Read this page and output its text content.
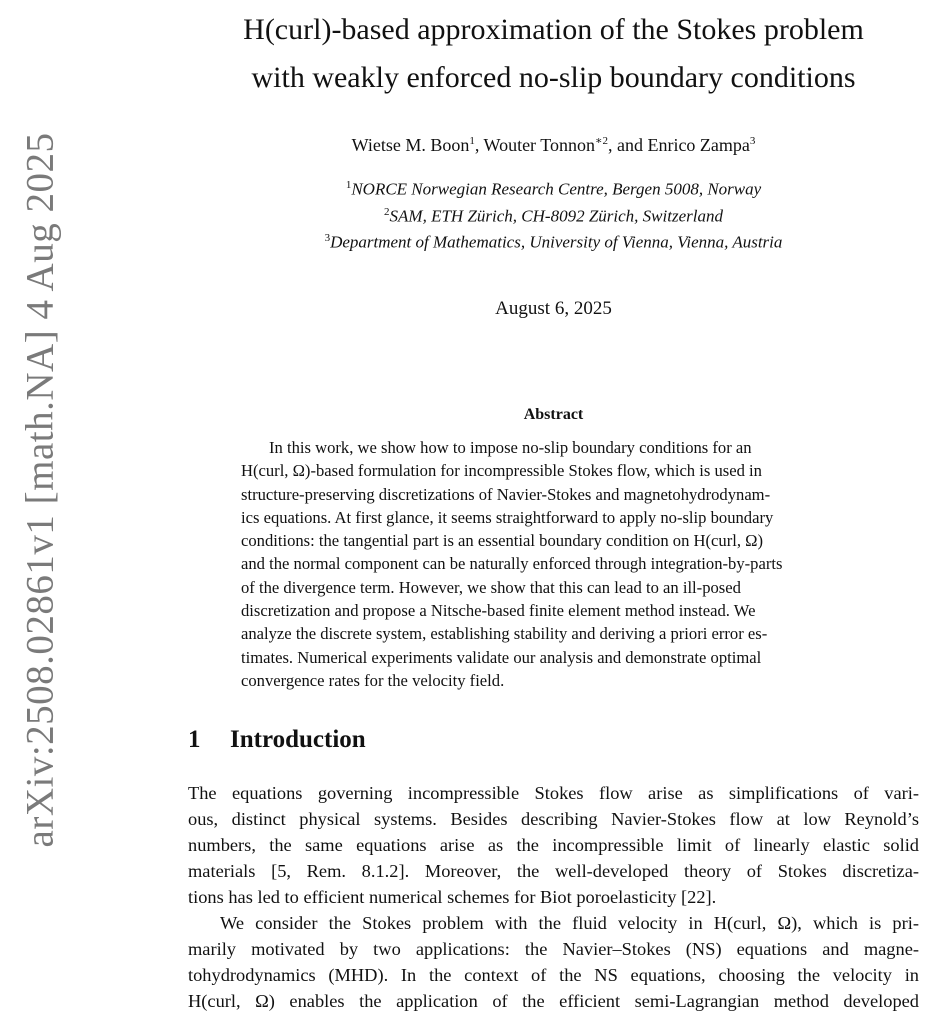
arXiv:2508.02861v1 [math.NA] 4 Aug 2025
H(curl)-based approximation of the Stokes problem
with weakly enforced no-slip boundary conditions
Wietse M. Boon$^1$, Wouter Tonnon$^{∗2}$, and Enrico Zampa$^3$
$^1$NORCE Norwegian Research Centre, Bergen 5008, Norway
$^2$SAM, ETH Zürich, CH-8092 Zürich, Switzerland
$^3$Department of Mathematics, University of Vienna, Vienna, Austria
August 6, 2025
Abstract
In this work, we show how to impose no-slip boundary conditions for an
H(curl, Ω)-based formulation for incompressible Stokes flow, which is used in
structure-preserving discretizations of Navier-Stokes and magnetohydrodynam-
ics equations. At first glance, it seems straightforward to apply no-slip boundary
conditions: the tangential part is an essential boundary condition on H(curl, Ω)
and the normal component can be naturally enforced through integration-by-parts
of the divergence term. However, we show that this can lead to an ill-posed
discretization and propose a Nitsche-based finite element method instead. We
analyze the discrete system, establishing stability and deriving a priori error es-
timates. Numerical experiments validate our analysis and demonstrate optimal
convergence rates for the velocity field.
1 Introduction
The equations governing incompressible Stokes flow arise as simplifications of vari-
ous, distinct physical systems. Besides describing Navier-Stokes flow at low Reynold’s
numbers, the same equations arise as the incompressible limit of linearly elastic solid
materials [5, Rem. 8.1.2]. Moreover, the well-developed theory of Stokes discretiza-
tions has led to efficient numerical schemes for Biot poroelasticity [22].
We consider the Stokes problem with the fluid velocity in H(curl, Ω), which is pri-
marily motivated by two applications: the Navier–Stokes (NS) equations and magne-
tohydrodynamics (MHD). In the context of the NS equations, choosing the velocity in
H(curl, Ω) enables the application of the efficient semi-Lagrangian method developed
